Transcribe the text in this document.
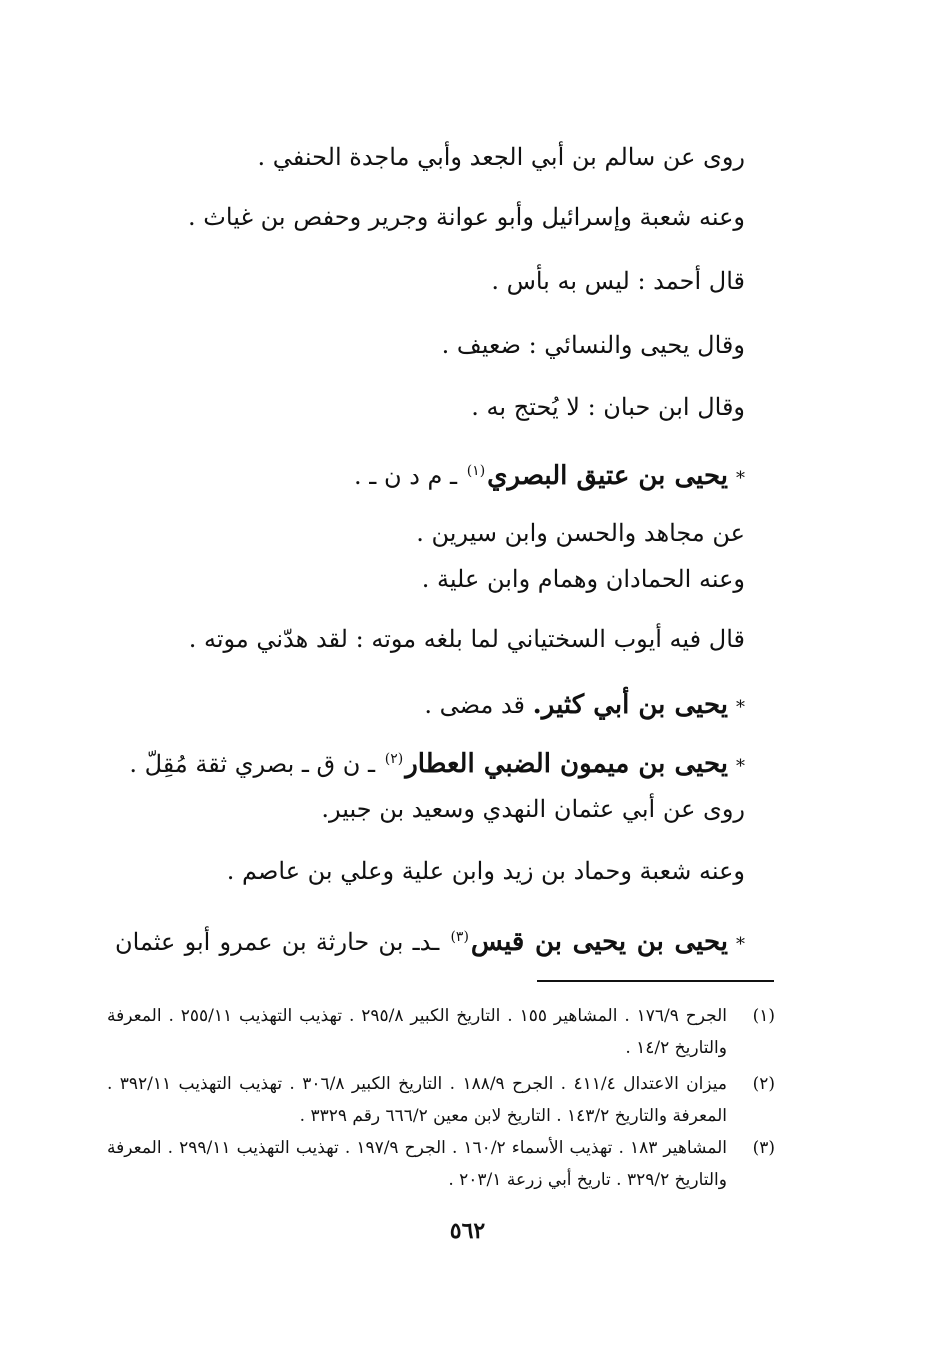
روى عن سالم بن أبي الجعد وأبي ماجدة الحنفي .
وعنه شعبة وإسرائيل وأبو عوانة وجرير وحفص بن غياث .
قال أحمد : ليس به بأس .
وقال يحيى والنسائي : ضعيف .
وقال ابن حبان : لا يُحتج به .
*يحيى بن عتيق البصري$^{(١)}$ ـ م د ن ـ .
عن مجاهد والحسن وابن سيرين .
وعنه الحمادان وهمام وابن علية .
قال فيه أيوب السختياني لما بلغه موته : لقد هدّني موته .
*يحيى بن أبي كثير. قد مضى .
*يحيى بن ميمون الضبي العطار$^{(٢)}$ ـ ن ق ـ بصري ثقة مُقِلّ .
روى عن أبي عثمان النهدي وسعيد بن جبير.
وعنه شعبة وحماد بن زيد وابن علية وعلي بن عاصم .
*يحيى بن يحيى بن قيس$^{(٣)}$ ـدـ بن حارثة بن عمرو أبو عثمان
(١)
الجرح ١٧٦/٩ . المشاهير ١٥٥ . التاريخ الكبير ٢٩٥/٨ . تهذيب التهذيب ٢٥٥/١١ . المعرفة والتاريخ ١٤/٢ .
(٢)
ميزان الاعتدال ٤١١/٤ . الجرح ١٨٨/٩ . التاريخ الكبير ٣٠٦/٨ . تهذيب التهذيب ٣٩٢/١١ . المعرفة والتاريخ ١٤٣/٢ . التاريخ لابن معين ٦٦٦/٢ رقم ٣٣٢٩ .
(٣)
المشاهير ١٨٣ . تهذيب الأسماء ١٦٠/٢ . الجرح ١٩٧/٩ . تهذيب التهذيب ٢٩٩/١١ . المعرفة والتاريخ ٣٢٩/٢ . تاريخ أبي زرعة ٢٠٣/١ .
٥٦٢
